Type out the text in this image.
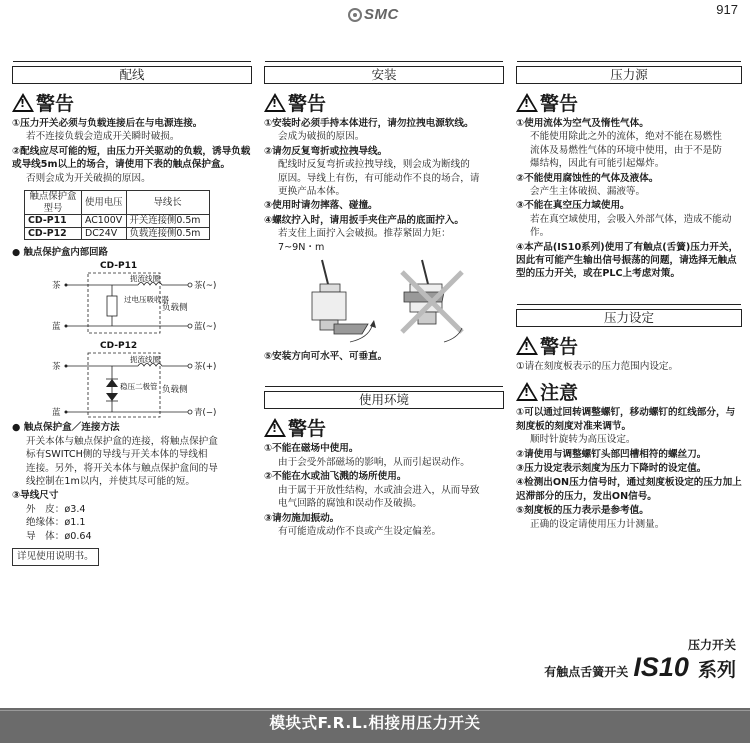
SMC	917
配线
!警告
①压力开关必须与负载连接后在与电源连接。
若不连接负载会造成开关瞬时破损。
②配线应尽可能的短，由压力开关驱动的负载，诱导负载或导线5m以上的场合，请使用下表的触点保护盒。
否则会成为开关破损的原因。
触点保护盒型号	使用电压	导线长
CD-P11	AC100V	开关连接侧0.5m
CD-P12	DC24V	负载连接侧0.5m
● 触点保护盒内部回路
CD-P11
茶
蓝
扼流线圈
过电压吸收器
负载侧
茶(~)
蓝(~)
CD-P12
茶
蓝
扼流线圈
稳压二极管 负载侧
茶(+)
青(−)
● 触点保护盒／连接方法
开关本体与触点保护盒的连接，将触点保护盒
标有SWITCH侧的导线与开关本体的导线相
连接。另外，将开关本体与触点保护盒间的导
线控制在1m以内，并使其尽可能的短。
③导线尺寸
外　皮：ø3.4
绝缘体：ø1.1
导　体：ø0.64
详见使用说明书。
安装
!警告
①安装时必须手持本体进行，请勿拉拽电源软线。
会成为破损的原因。
②请勿反复弯折或拉拽导线。
配线时反复弯折或拉拽导线，则会成为断线的
原因。导线上有伤，有可能动作不良的场合，请
更换产品本体。
③使用时请勿摔落、碰撞。
④螺纹拧入时，请用扳手夹住产品的底面拧入。
若支住上面拧入会破损。推荐紧固力矩：
7~9N・m
⑤安装方向可水平、可垂直。
使用环境
!警告
①不能在磁场中使用。
由于会受外部磁场的影响，从而引起误动作。
②不能在水或油飞溅的场所使用。
由于属于开放性结构，水或油会进入，从而导致
电气回路的腐蚀和误动作及破损。
③请勿施加振动。
有可能造成动作不良或产生设定偏差。
压力源
!警告
①使用流体为空气及惰性气体。
不能使用除此之外的流体，绝对不能在易燃性
流体及易燃性气体的环境中使用，由于不是防
爆结构，因此有可能引起爆炸。
②不能使用腐蚀性的气体及液体。
会产生主体破损、漏液等。
③不能在真空压力域使用。
若在真空域使用，会吸入外部气体，造成不能动
作。
④本产品(IS10系列)使用了有触点(舌簧)压力开关，因此有可能产生输出信号振荡的问题，请选择无触点型的压力开关，或在PLC上考虑对策。
压力设定
!警告
①请在刻度板表示的压力范围内设定。
!注意
①可以通过回转调整螺钉，移动螺钉的红线部分，与刻度板的刻度对准来调节。
顺时针旋转为高压设定。
②请使用与调整螺钉头部凹槽相符的螺丝刀。
③压力设定表示刻度为压力下降时的设定值。
④检测出ON压力信号时，通过刻度板设定的压力加上迟滞部分的压力，发出ON信号。
⑤刻度板的压力表示是参考值。
正确的设定请使用压力计测量。
压力开关
有触点舌簧开关 IS10 系列
模块式F.R.L.相接用压力开关
